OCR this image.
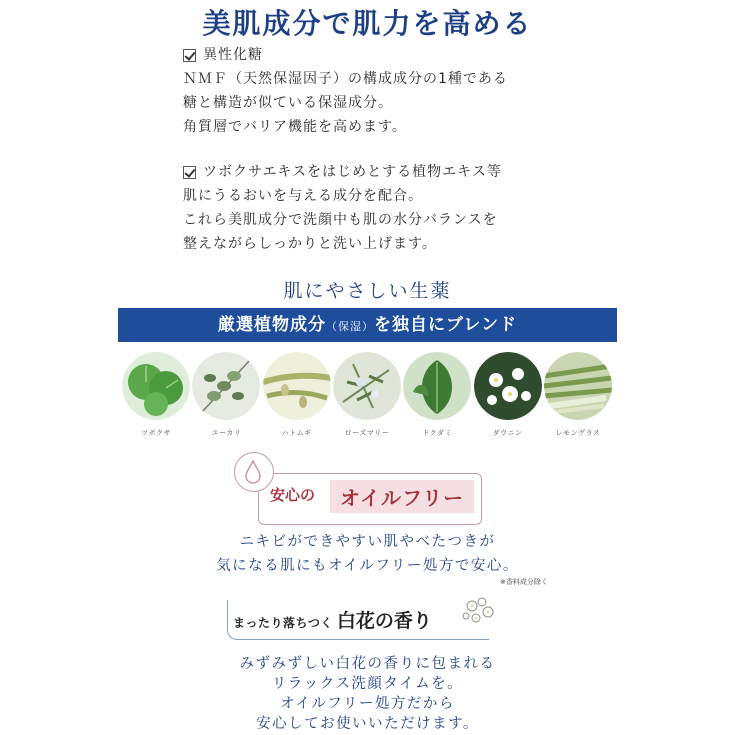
美肌成分で肌力を高める
異性化糖
ＮＭＦ（天然保湿因子）の構成成分の1種である
糖と構造が似ている保湿成分。
角質層でバリア機能を高めます。
ツボクサエキスをはじめとする植物エキス等
肌にうるおいを与える成分を配合。
これら美肌成分で洗顔中も肌の水分バランスを
整えながらしっかりと洗い上げます。
肌にやさしい生薬
厳選植物成分（保湿）を独自にブレンド
ツボクサ	ユーカリ	ハトムギ	ローズマリー	ドクダミ	ダウニン	レモングラス
安心の	オイルフリー
ニキビができやすい肌やべたつきが
気になる肌にもオイルフリー処方で安心。
※香料成分除く
まったり落ちつく 白花の香り
みずみずしい白花の香りに包まれる
リラックス洗顔タイムを。
オイルフリー処方だから
安心してお使いいただけます。
